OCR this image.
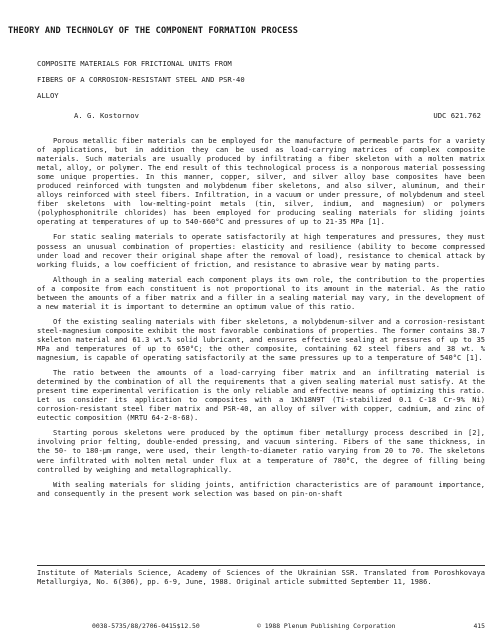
THEORY AND TECHNOLGY OF THE COMPONENT FORMATION PROCESS
COMPOSITE MATERIALS FOR FRICTIONAL UNITS FROM
FIBERS OF A CORROSION-RESISTANT STEEL AND PSR-40
ALLOY
A. G. Kostornov	UDC 621.762

Porous metallic fiber materials can be employed for the manufacture of permeable parts for a variety of applications, but in addition they can be used as load-carrying matrices of complex composite materials. Such materials are usually produced by infiltrating a fiber skeleton with a molten matrix metal, alloy, or polymer. The end result of this technological process is a nonporous material possessing some unique properties. In this manner, copper, silver, and silver alloy base composites have been produced reinforced with tungsten and molybdenum fiber skeletons, and also silver, aluminum, and their alloys reinforced with steel fibers. Infiltration, in a vacuum or under pressure, of molybdenum and steel fiber skeletons with low-melting-point metals (tin, silver, indium, and magnesium) or polymers (polyphosphonitrile chlorides) has been employed for producing sealing materials for sliding joints operating at temperatures of up to 540-660°C and pressures of up to 21-35 MPa [1].

For static sealing materials to operate satisfactorily at high temperatures and pressures, they must possess an unusual combination of properties: elasticity and resilience (ability to become compressed under load and recover their original shape after the removal of load), resistance to chemical attack by working fluids, a low coefficient of friction, and resistance to abrasive wear by mating parts.

Although in a sealing material each component plays its own role, the contribution to the properties of a composite from each constituent is not proportional to its amount in the material. As the ratio between the amounts of a fiber matrix and a filler in a sealing material may vary, in the development of a new material it is important to determine an optimum value of this ratio.

Of the existing sealing materials with fiber skeletons, a molybdenum-silver and a corrosion-resistant steel-magnesium composite exhibit the most favorable combinations of properties. The former contains 38.7 skeleton material and 61.3 wt.% solid lubricant, and ensures effective sealing at pressures of up to 35 MPa and temperatures of up to 650°C; the other composite, containing 62 steel fibers and 38 wt. % magnesium, is capable of operating satisfactorily at the same pressures up to a temperature of 540°C [1].

The ratio between the amounts of a load-carrying fiber matrix and an infiltrating material is determined by the combination of all the requirements that a given sealing material must satisfy. At the present time experimental verification is the only reliable and effective means of optimizing this ratio. Let us consider its application to composites with a 1Kh18N9T (Ti-stabilized 0.1 C-18 Cr-9% Ni) corrosion-resistant steel fiber matrix and PSR-40, an alloy of silver with copper, cadmium, and zinc of eutectic composition (MRTU 64-2-8-68).

Starting porous skeletons were produced by the optimum fiber metallurgy process described in [2], involving prior felting, double-ended pressing, and vacuum sintering. Fibers of the same thickness, in the 50- to 180-μm range, were used, their length-to-diameter ratio varying from 20 to 70. The skeletons were infiltrated with molten metal under flux at a temperature of 780°C, the degree of filling being controlled by weighing and metallographically.

With sealing materials for sliding joints, antifriction characteristics are of paramount importance, and consequently in the present work selection was based on pin-on-shaft

Institute of Materials Science, Academy of Sciences of the Ukrainian SSR. Translated from Poroshkovaya Metallurgiya, No. 6(306), pp. 6-9, June, 1988. Original article submitted September 11, 1986.
0038-5735/88/2706-0415$12.50	© 1988 Plenum Publishing Corporation	415
